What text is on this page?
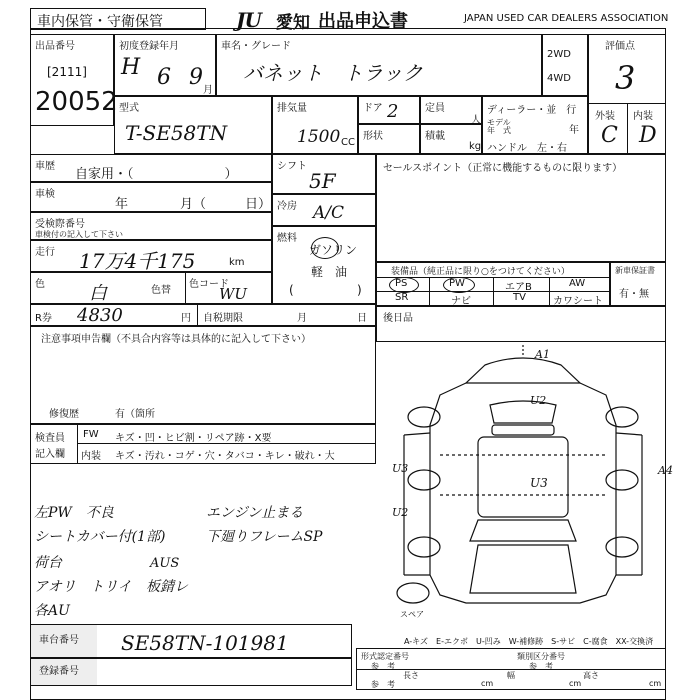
車内保管・守衛保管	JU 愛知 出品申込書	JAPAN USED CAR DEALERS ASSOCIATION
出品番号
[2111]
20052
初度登録年月
H 6 9
月
車名・グレード
バネット　トラック
2WD
4WD
評価点
3
外装 内装
C D
型式
T-SE58TN
排気量
1500 CC
ドア 2	定員
人
形状	積載
kg
ディーラー・並　行
モデル
年　式	年
ハンドル　左・右
車歴
自家用・（　　　　　　　）
車検
年　　　　月（　　　日）
受検際番号
車検付の記入して下さい
走行 17万4千175	km
色 白	色替
色コード
WU
R券 4830	円 自税期限	月	日
シフト
5F
冷房 A/C
燃料
ガソリン
軽　油
(	)
セールスポイント（正常に機能するものに限ります）
装備品（純正品に限り○をつけてください）
PS	PW	エアB	AW
SR	ナビ	TV	カワシート
新車保証書
有・無
後日品
注意事項申告欄（不具合内容等は具体的に記入して下さい）
修復歴	有（箇所
検査員
記入欄
FW キズ・凹・ヒビ割・リペア跡・X要
内装 キズ・汚れ・コゲ・穴・タバコ・キレ・破れ・大
左PW　不良
シートカバー付(1部)
荷台
アオリ　トリイ
各AU
エンジン止まる
下廻りフレームSP
AUS
板錆レ
A1
U2
U3
U3
A4
U2
スペア
A-キズ　E-エクボ　U-凹み　W-補修跡　S-サビ　C-腐食　XX-交換済
車台番号	SE58TN-101981
登録番号
形式認定番号	類別区分番号
参　考	参　考
長さ	幅	高さ
参　考	cm	cm	cm
